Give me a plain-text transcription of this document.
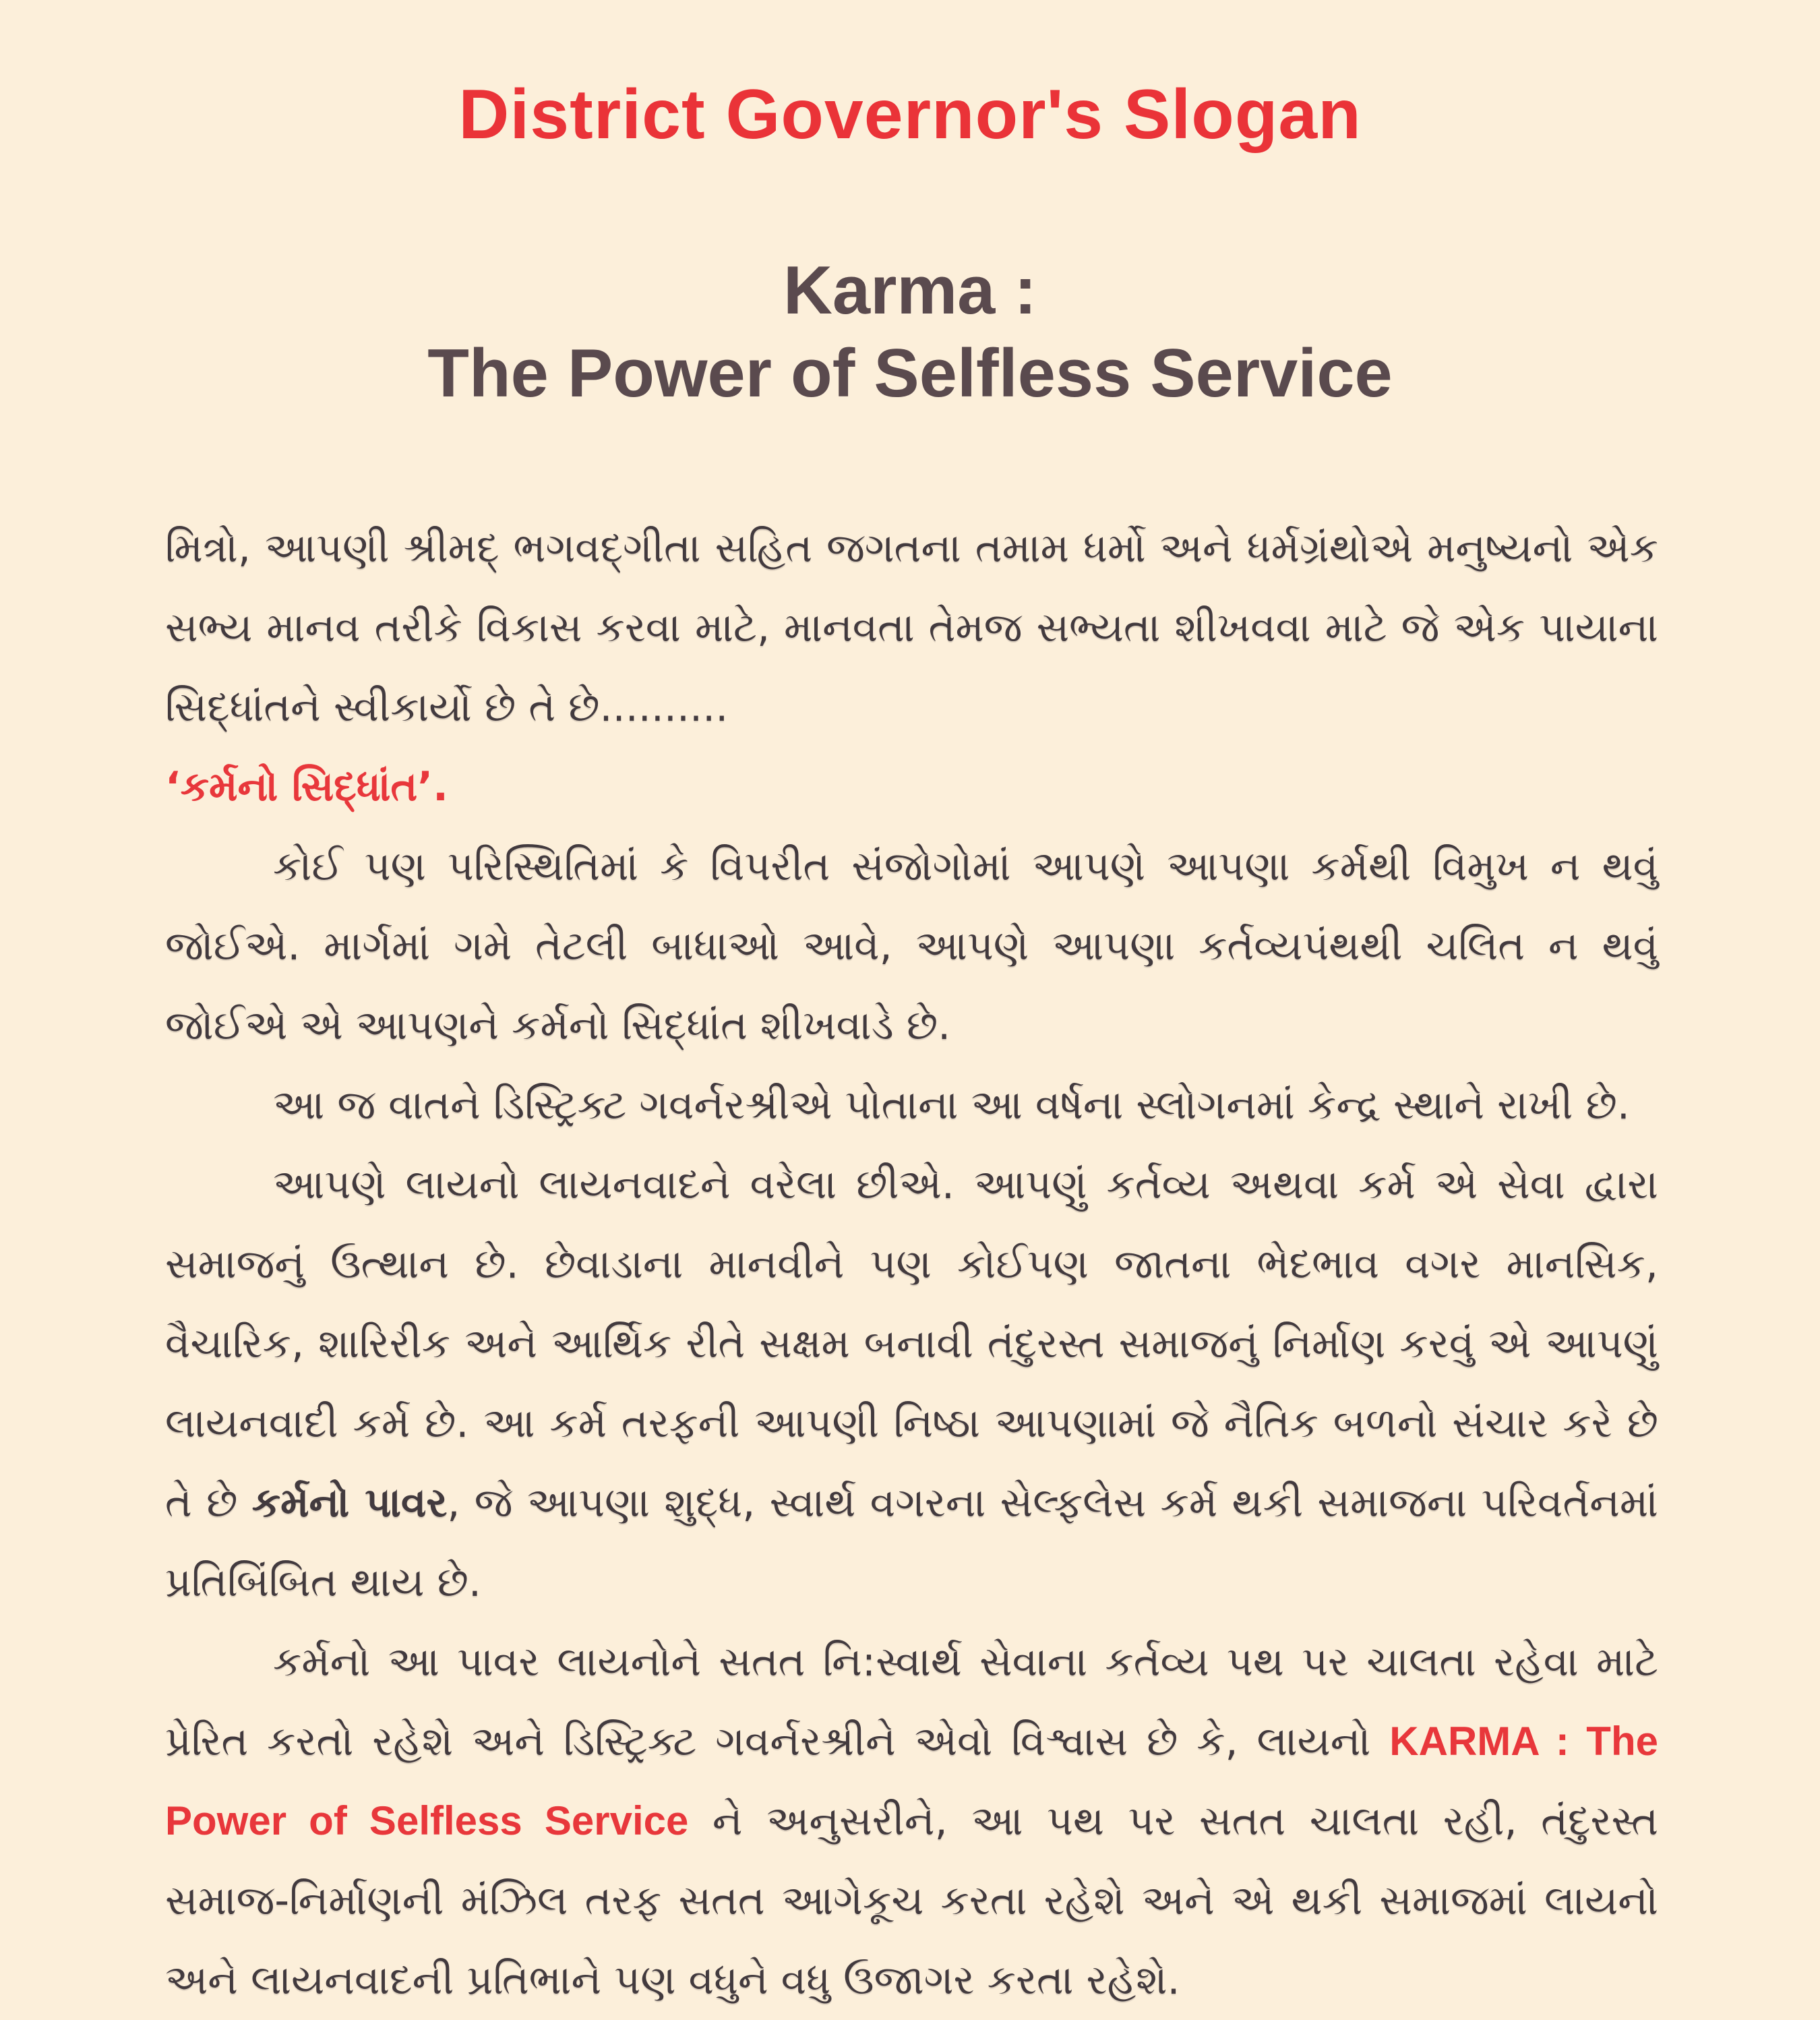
District Governor's Slogan
Karma :
The Power of Selfless Service

મિત્રો, આપણી શ્રીમદ્ ભગવદ્ગીતા સહિત જગતના તમામ ધર્મો અને ધર્મગ્રંથોએ મનુષ્યનો એક સભ્ય માનવ તરીકે વિકાસ કરવા માટે, માનવતા તેમજ સભ્યતા શીખવવા માટે જે એક પાયાના સિદ્ધાંતને સ્વીકાર્યો છે તે છે..........

‘કર્મનો સિદ્ધાંત’.

કોઈ પણ પરિસ્થિતિમાં કે વિપરીત સંજોગોમાં આપણે આપણા કર્મથી વિમુખ ન થવું જોઈએ. માર્ગમાં ગમે તેટલી બાધાઓ આવે, આપણે આપણા કર્તવ્યપંથથી ચલિત ન થવું જોઈએ એ આપણને કર્મનો સિદ્ધાંત શીખવાડે છે.

આ જ વાતને ડિસ્ટ્રિક્ટ ગવર્નરશ્રીએ પોતાના આ વર્ષના સ્લોગનમાં કેન્દ્ર સ્થાને રાખી છે.

આપણે લાયનો લાયનવાદને વરેલા છીએ. આપણું કર્તવ્ય અથવા કર્મ એ સેવા દ્વારા સમાજનું ઉત્થાન છે. છેવાડાના માનવીને પણ કોઈપણ જાતના ભેદભાવ વગર માનસિક, વૈચારિક, શારિરીક અને આર્થિક રીતે સક્ષમ બનાવી તંદુરસ્ત સમાજનું નિર્માણ કરવું એ આપણું લાયનવાદી કર્મ છે. આ કર્મ તરફની આપણી નિષ્ઠા આપણામાં જે નૈતિક બળનો સંચાર કરે છે તે છે કર્મનો પાવર, જે આપણા શુદ્ધ, સ્વાર્થ વગરના સેલ્ફલેસ કર્મ થકી સમાજના પરિવર્તનમાં પ્રતિબિંબિત થાય છે.

કર્મનો આ પાવર લાયનોને સતત નિ:સ્વાર્થ સેવાના કર્તવ્ય પથ પર ચાલતા રહેવા માટે પ્રેરિત કરતો રહેશે અને ડિસ્ટ્રિક્ટ ગવર્નરશ્રીને એવો વિશ્વાસ છે કે, લાયનો KARMA : The Power of Selfless Service ને અનુસરીને, આ પથ પર સતત ચાલતા રહી, તંદુરસ્ત સમાજ-નિર્માણની મંઝિલ તરફ સતત આગેકૂચ કરતા રહેશે અને એ થકી સમાજમાં લાયનો અને લાયનવાદની પ્રતિભાને પણ વધુને વધુ ઉજાગર કરતા રહેશે.
